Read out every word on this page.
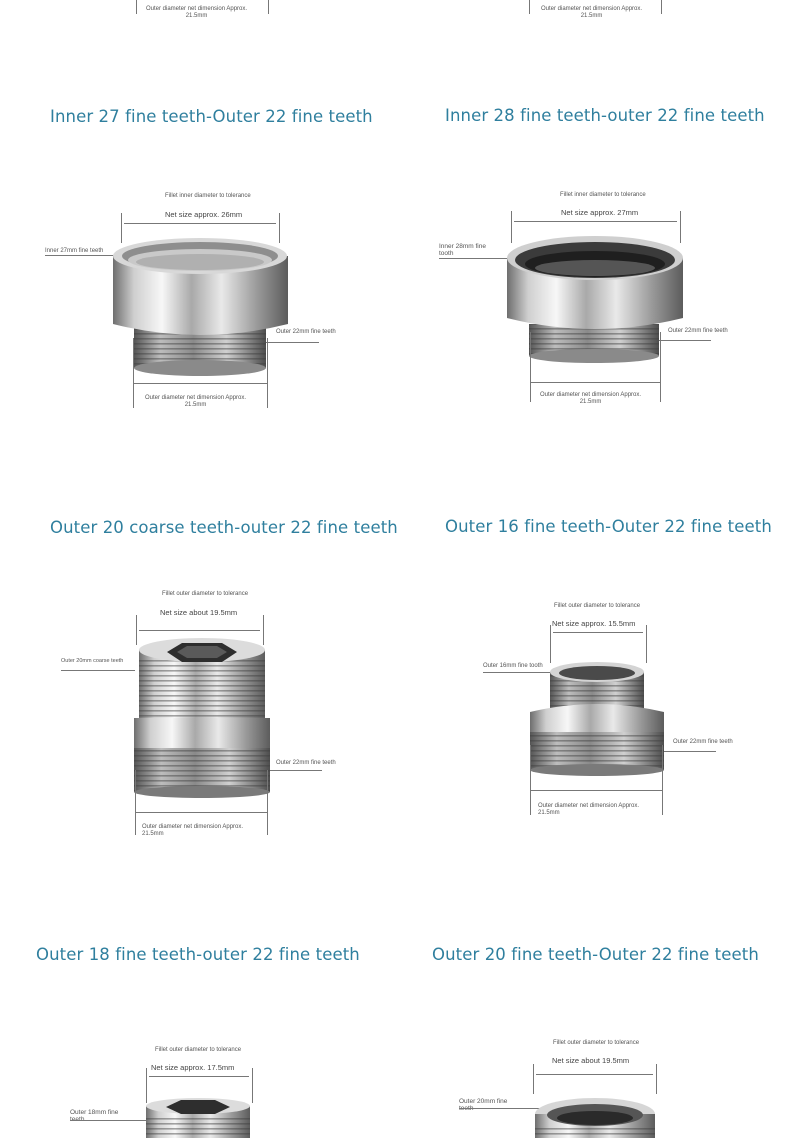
Outer diameter net dimension Approx.
21.5mm
Outer diameter net dimension Approx.
21.5mm
Inner 27 fine teeth-Outer 22 fine teeth
Fillet inner diameter to tolerance
Net size approx. 26mm
Inner 27mm fine teeth
Outer 22mm fine teeth
Outer diameter net dimension Approx.
21.5mm
Inner 28 fine teeth-outer 22 fine teeth
Fillet inner diameter to tolerance
Net size approx. 27mm
Inner 28mm fine
tooth
Outer 22mm fine teeth
Outer diameter net dimension Approx.
21.5mm
Outer 20 coarse teeth-outer 22 fine teeth
Fillet outer diameter to tolerance
Net size about 19.5mm
Outer 20mm coarse teeth
Outer 22mm fine teeth
Outer diameter net dimension Approx.
21.5mm
Outer 16 fine teeth-Outer 22 fine teeth
Fillet outer diameter to tolerance
Net size approx. 15.5mm
Outer 16mm fine tooth
Outer 22mm fine teeth
Outer diameter net dimension Approx.
21.5mm
Outer 18 fine teeth-outer 22 fine teeth
Fillet outer diameter to tolerance
Net size approx. 17.5mm
Outer 18mm fine

Outer 20 fine teeth-Outer 22 fine teeth
Fillet outer diameter to tolerance
Net size about 19.5mm
Outer 20mm fine
